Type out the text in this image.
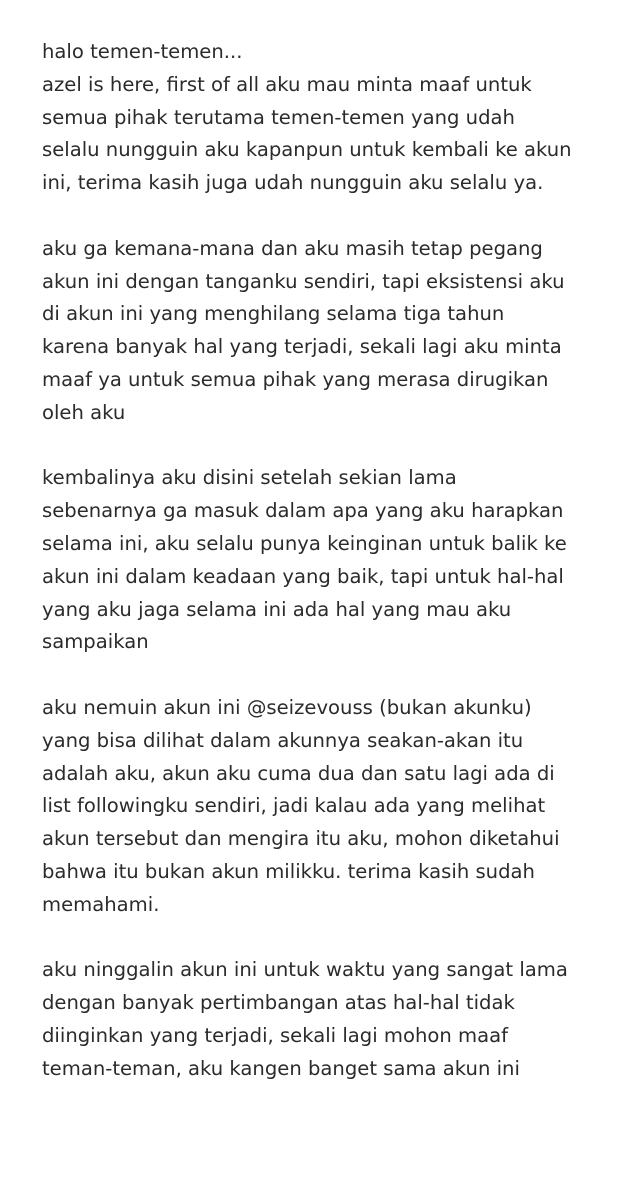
halo temen-temen...
azel is here, first of all aku mau minta maaf untuk
semua pihak terutama temen-temen yang udah
selalu nungguin aku kapanpun untuk kembali ke akun
ini, terima kasih juga udah nungguin aku selalu ya.
aku ga kemana-mana dan aku masih tetap pegang
akun ini dengan tanganku sendiri, tapi eksistensi aku
di akun ini yang menghilang selama tiga tahun
karena banyak hal yang terjadi, sekali lagi aku minta
maaf ya untuk semua pihak yang merasa dirugikan
oleh aku
kembalinya aku disini setelah sekian lama
sebenarnya ga masuk dalam apa yang aku harapkan
selama ini, aku selalu punya keinginan untuk balik ke
akun ini dalam keadaan yang baik, tapi untuk hal-hal
yang aku jaga selama ini ada hal yang mau aku
sampaikan
aku nemuin akun ini @seizevouss (bukan akunku)
yang bisa dilihat dalam akunnya seakan-akan itu
adalah aku, akun aku cuma dua dan satu lagi ada di
list followingku sendiri, jadi kalau ada yang melihat
akun tersebut dan mengira itu aku, mohon diketahui
bahwa itu bukan akun milikku. terima kasih sudah
memahami.
aku ninggalin akun ini untuk waktu yang sangat lama
dengan banyak pertimbangan atas hal-hal tidak
diinginkan yang terjadi, sekali lagi mohon maaf
teman-teman, aku kangen banget sama akun ini
